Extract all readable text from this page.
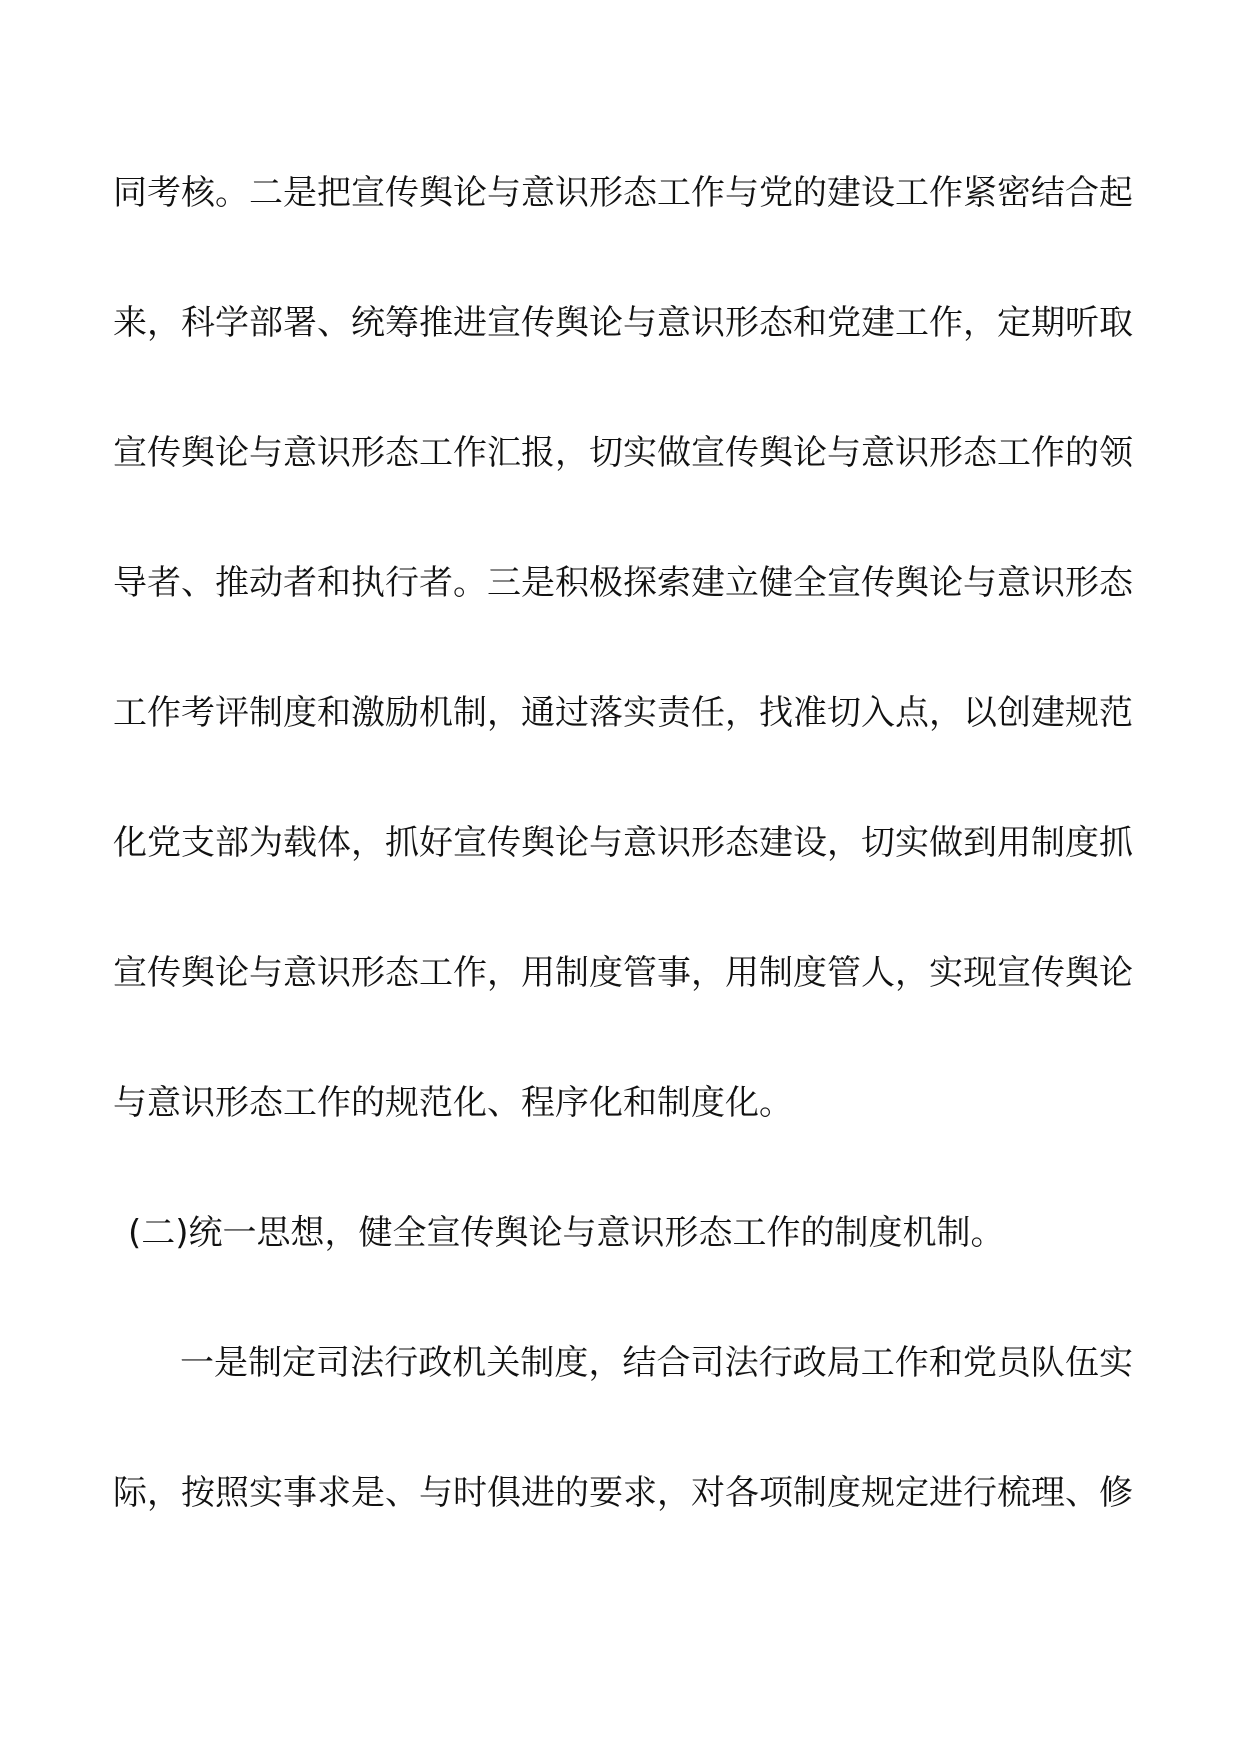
同考核。二是把宣传舆论与意识形态工作与党的建设工作紧密结合起
来，科学部署、统筹推进宣传舆论与意识形态和党建工作，定期听取
宣传舆论与意识形态工作汇报，切实做宣传舆论与意识形态工作的领
导者、推动者和执行者。三是积极探索建立健全宣传舆论与意识形态
工作考评制度和激励机制，通过落实责任，找准切入点，以创建规范
化党支部为载体，抓好宣传舆论与意识形态建设，切实做到用制度抓
宣传舆论与意识形态工作，用制度管事，用制度管人，实现宣传舆论
与意识形态工作的规范化、程序化和制度化。
(二)统一思想，健全宣传舆论与意识形态工作的制度机制。
一是制定司法行政机关制度，结合司法行政局工作和党员队伍实
际，按照实事求是、与时俱进的要求，对各项制度规定进行梳理、修
